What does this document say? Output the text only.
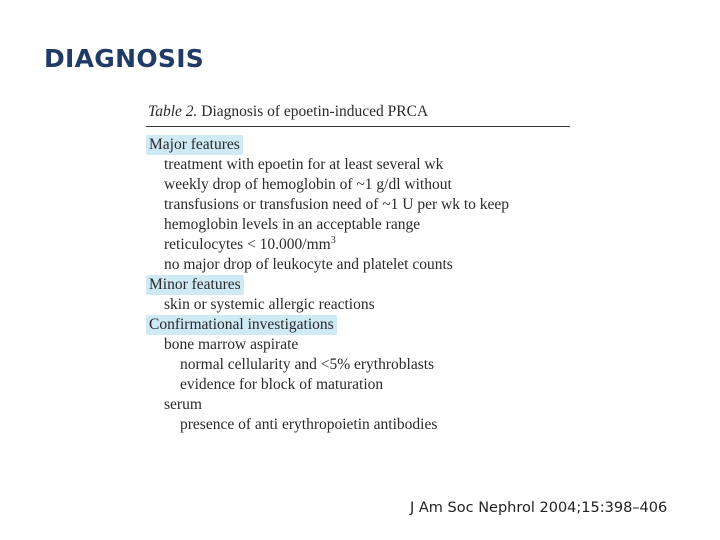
DIAGNOSIS
Table 2. Diagnosis of epoetin-induced PRCA
Major features
treatment with epoetin for at least several wk
weekly drop of hemoglobin of ~1 g/dl without
transfusions or transfusion need of ~1 U per wk to keep
hemoglobin levels in an acceptable range
reticulocytes < $10.000/mm^3$
no major drop of leukocyte and platelet counts
Minor features
skin or systemic allergic reactions
Confirmational investigations
bone marrow aspirate
normal cellularity and <5% erythroblasts
evidence for block of maturation
serum
presence of anti erythropoietin antibodies
J Am Soc Nephrol 2004;15:398–406
